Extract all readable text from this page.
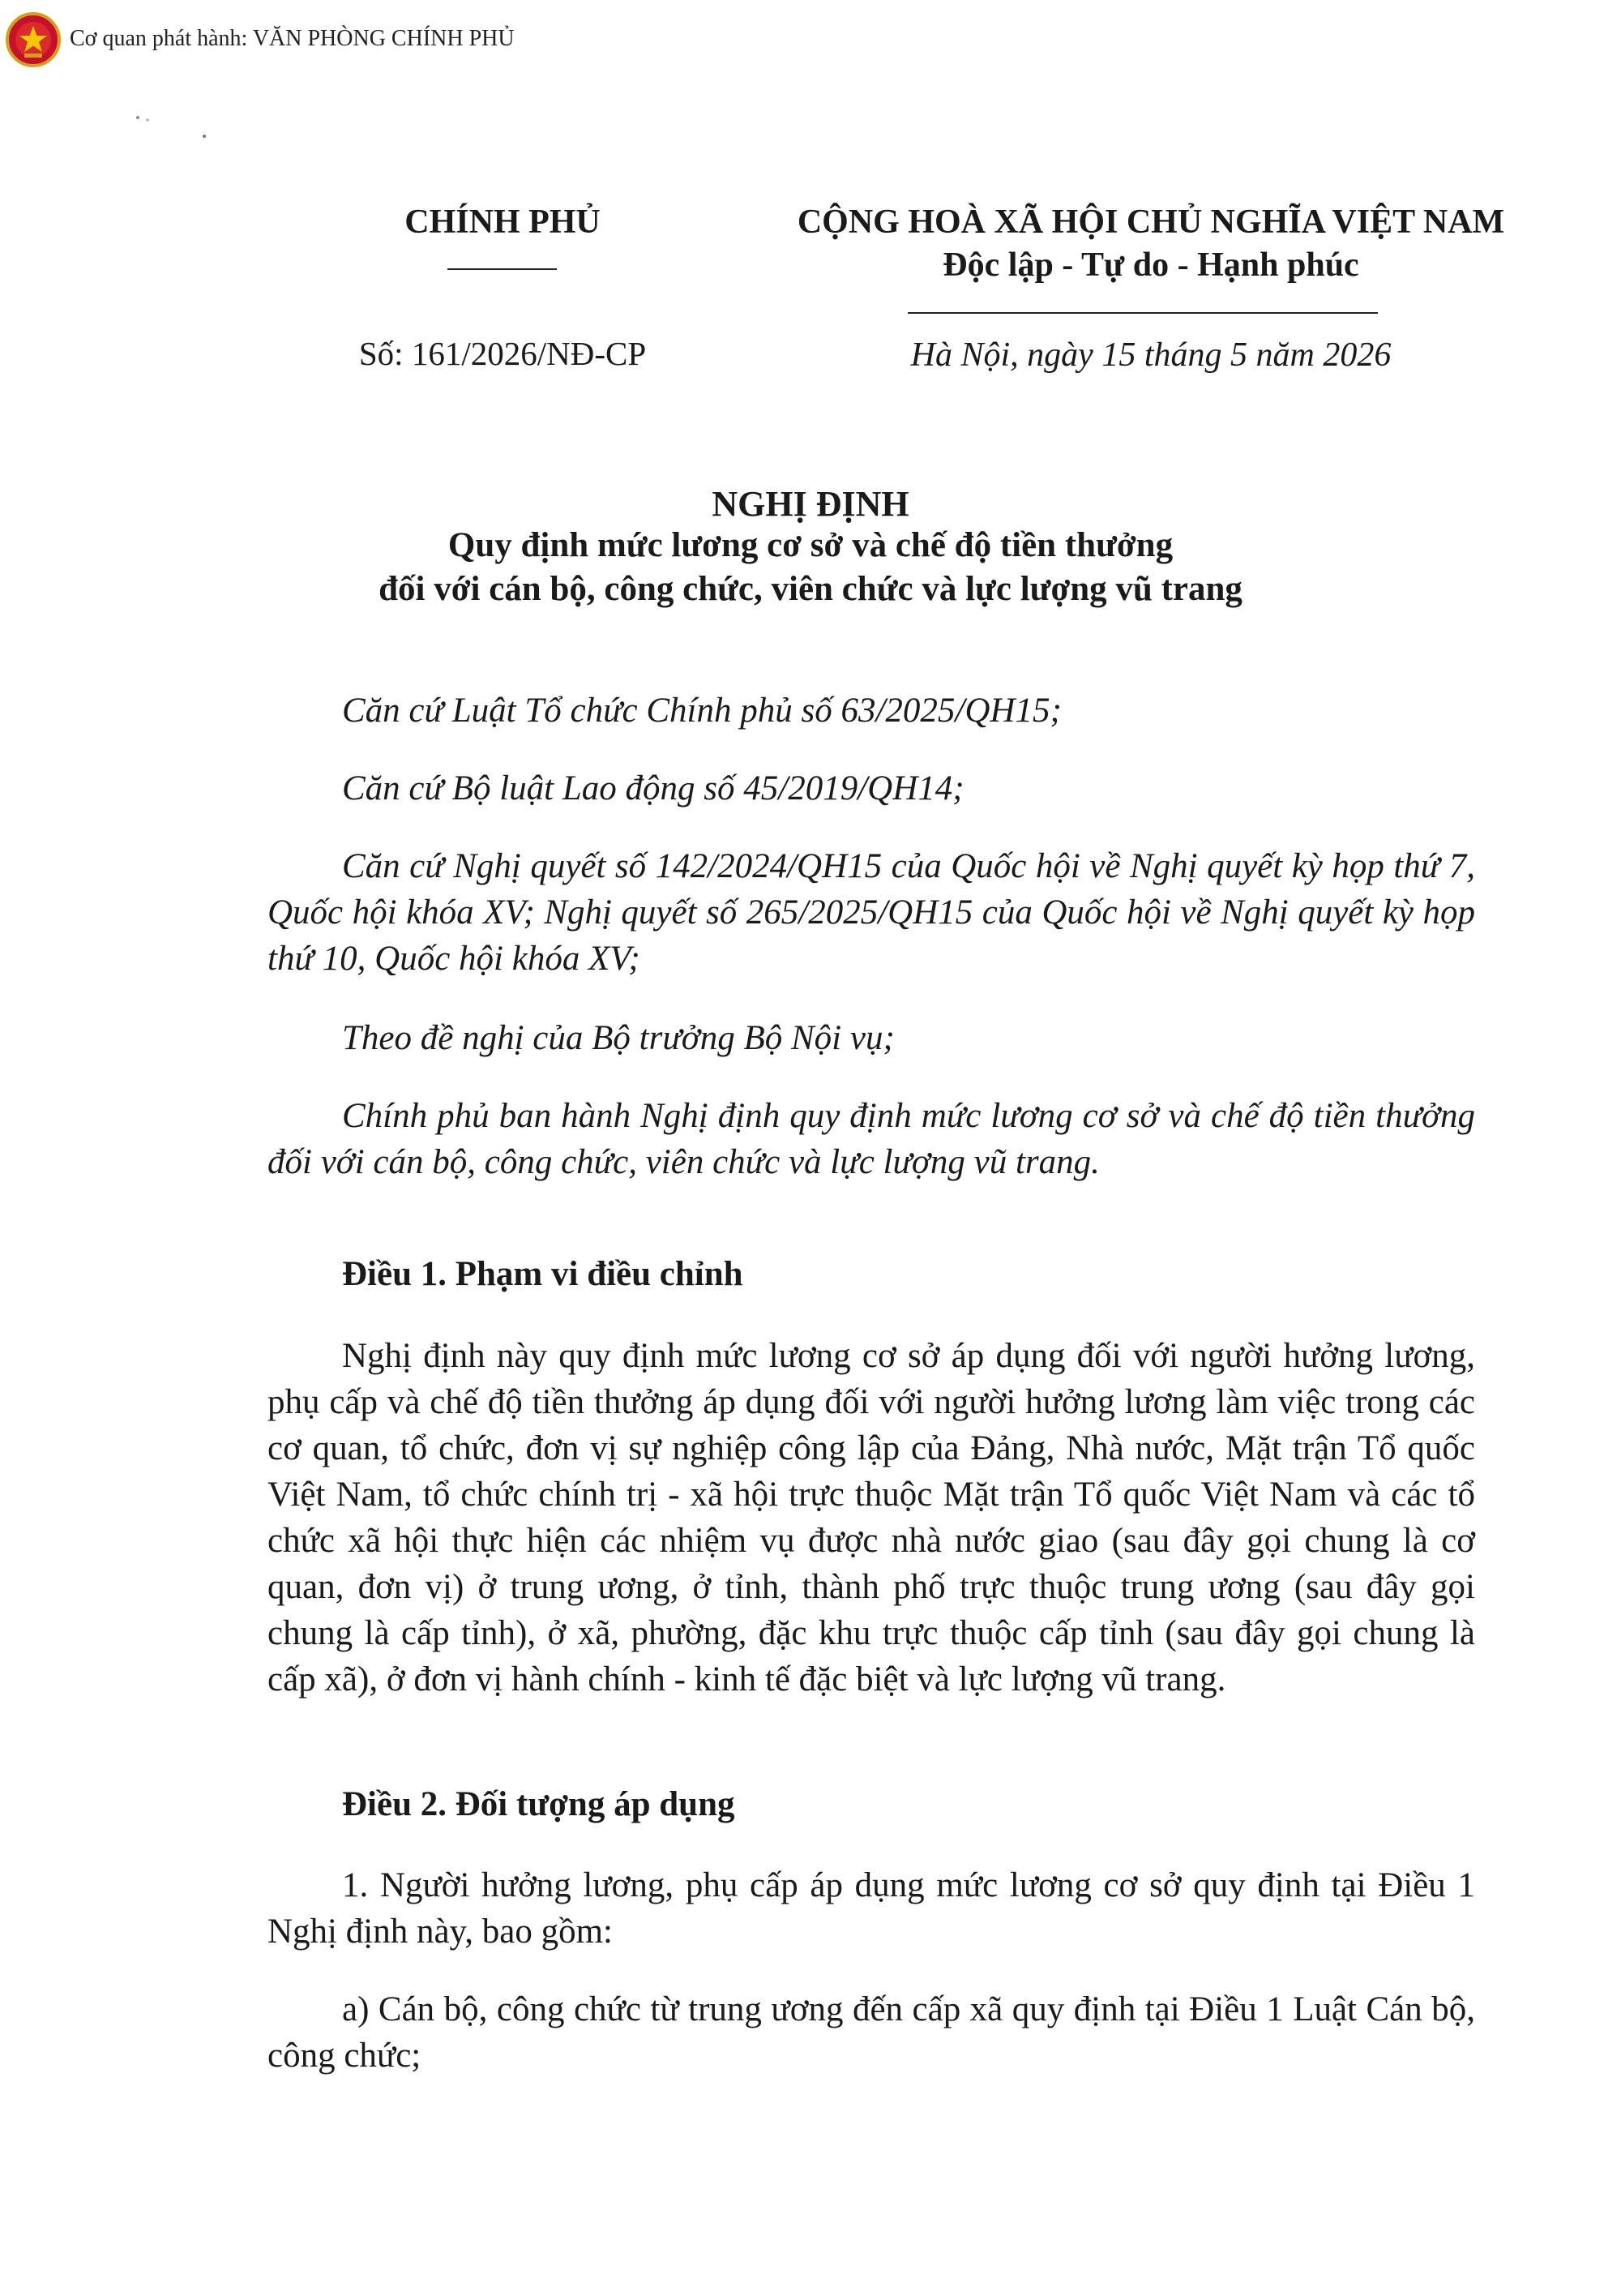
Cơ quan phát hành: VĂN PHÒNG CHÍNH PHỦ
CHÍNH PHỦ
Số: 161/2026/NĐ-CP
CỘNG HOÀ XÃ HỘI CHỦ NGHĨA VIỆT NAM
Độc lập - Tự do - Hạnh phúc
Hà Nội, ngày 15 tháng 5 năm 2026
NGHỊ ĐỊNH
Quy định mức lương cơ sở và chế độ tiền thưởng
đối với cán bộ, công chức, viên chức và lực lượng vũ trang
Căn cứ Luật Tổ chức Chính phủ số 63/2025/QH15;
Căn cứ Bộ luật Lao động số 45/2019/QH14;
Căn cứ Nghị quyết số 142/2024/QH15 của Quốc hội về Nghị quyết kỳ họp thứ 7, Quốc hội khóa XV; Nghị quyết số 265/2025/QH15 của Quốc hội về Nghị quyết kỳ họp thứ 10, Quốc hội khóa XV;
Theo đề nghị của Bộ trưởng Bộ Nội vụ;
Chính phủ ban hành Nghị định quy định mức lương cơ sở và chế độ tiền thưởng đối với cán bộ, công chức, viên chức và lực lượng vũ trang.
Điều 1. Phạm vi điều chỉnh
Nghị định này quy định mức lương cơ sở áp dụng đối với người hưởng lương, phụ cấp và chế độ tiền thưởng áp dụng đối với người hưởng lương làm việc trong các cơ quan, tổ chức, đơn vị sự nghiệp công lập của Đảng, Nhà nước, Mặt trận Tổ quốc Việt Nam, tổ chức chính trị - xã hội trực thuộc Mặt trận Tổ quốc Việt Nam và các tổ chức xã hội thực hiện các nhiệm vụ được nhà nước giao (sau đây gọi chung là cơ quan, đơn vị) ở trung ương, ở tỉnh, thành phố trực thuộc trung ương (sau đây gọi chung là cấp tỉnh), ở xã, phường, đặc khu trực thuộc cấp tỉnh (sau đây gọi chung là cấp xã), ở đơn vị hành chính - kinh tế đặc biệt và lực lượng vũ trang.
Điều 2. Đối tượng áp dụng
1. Người hưởng lương, phụ cấp áp dụng mức lương cơ sở quy định tại Điều 1 Nghị định này, bao gồm:
a) Cán bộ, công chức từ trung ương đến cấp xã quy định tại Điều 1 Luật Cán bộ, công chức;
